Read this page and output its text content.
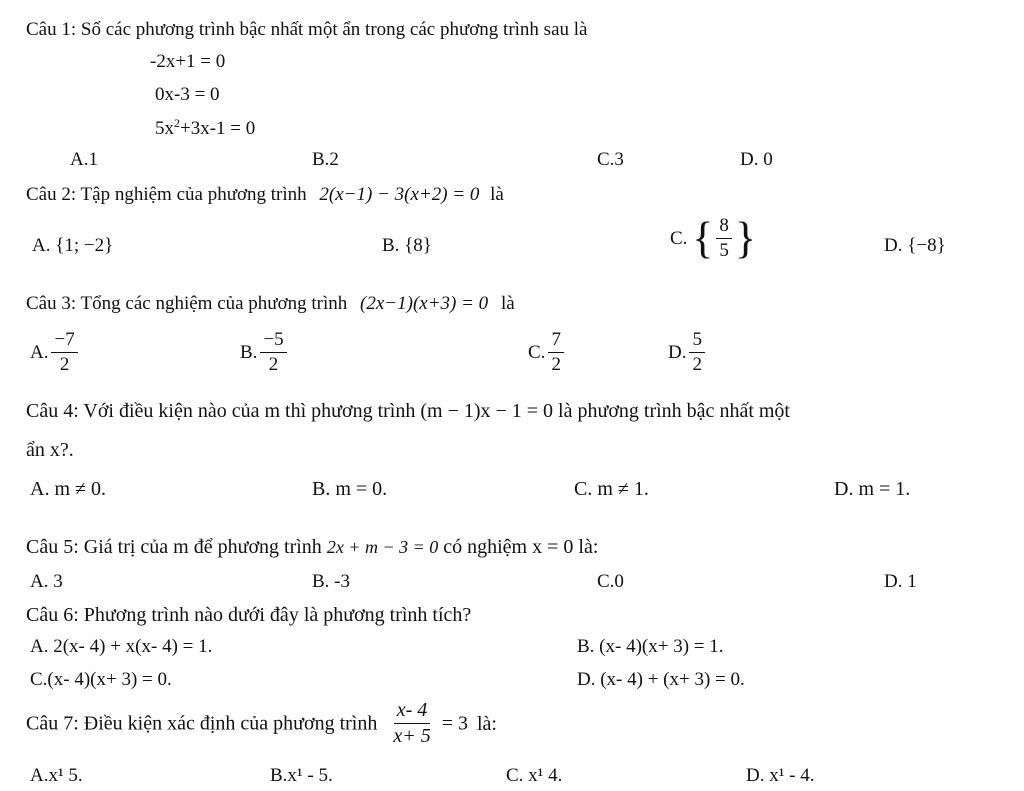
Câu 1: Số các phương trình bậc nhất một ẩn trong các phương trình sau là
-2x+1 = 0
0x-3 = 0
$5x^2+3x-1 = 0$
A.1	B.2	C.3	D. 0
Câu 2: Tập nghiệm của phương trình 2(x−1) − 3(x+2) = 0 là
A. {1; −2}	B. {8}	C. { $\frac{8}{5}$ }	D. {−8}
Câu 3: Tổng các nghiệm của phương trình (2x−1)(x+3) = 0 là
A. $\frac{-7}{2}$	B. $\frac{-5}{2}$	C. $\frac{7}{2}$	D. $\frac{5}{2}$
Câu 4: Với điều kiện nào của m thì phương trình (m − 1)x − 1 = 0 là phương trình bậc nhất một
ẩn x?.
A. m ≠ 0.	B. m = 0.	C. m ≠ 1.	D. m = 1.
Câu 5: Giá trị của m để phương trình 2x + m − 3 = 0 có nghiệm x = 0 là:
A. 3	B. -3	C.0	D. 1
Câu 6: Phương trình nào dưới đây là phương trình tích?
A. 2(x- 4) + x(x- 4) = 1.	B. (x- 4)(x+ 3) = 1.
C.(x- 4)(x+ 3) = 0.	D. (x- 4) + (x+ 3) = 0.
Câu 7: Điều kiện xác định của phương trình $\frac{x- 4}{x+ 5} = 3$ là:
A.x¹ 5.	B.x¹ - 5.	C. x¹ 4.	D. x¹ - 4.
